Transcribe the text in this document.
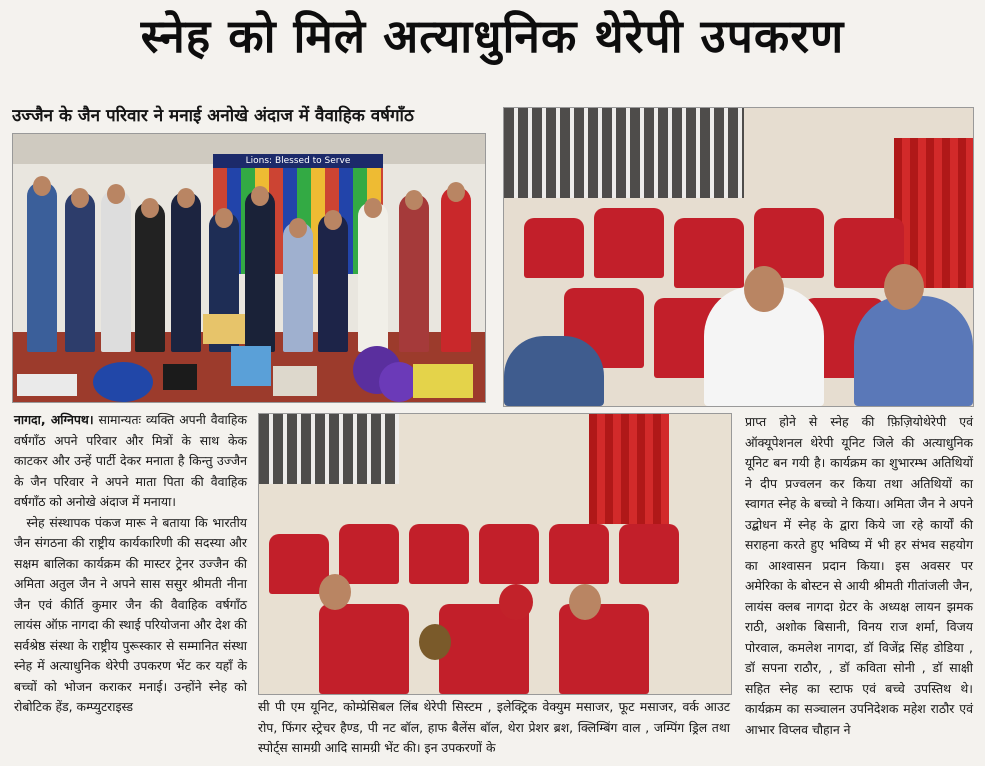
स्नेह को मिले अत्याधुनिक थेरेपी उपकरण
उज्जैन के जैन परिवार ने मनाई अनोखे अंदाज में वैवाहिक वर्षगाँठ
Lions: Blessed to Serve

नागदा, अग्निपथ। सामान्यतः व्यक्ति अपनी वैवाहिक वर्षगाँठ अपने परिवार और मित्रों के साथ केक काटकर और उन्हें पार्टी देकर मनाता है किन्तु उज्जैन के जैन परिवार ने अपने माता पिता की वैवाहिक वर्षगाँठ को अनोखे अंदाज में मनाया।

स्नेह संस्थापक पंकज मारू ने बताया कि भारतीय जैन संगठना की राष्ट्रीय कार्यकारिणी की सदस्या और सक्षम बालिका कार्यक्रम की मास्टर ट्रेनर उज्जैन की अमिता अतुल जैन ने अपने सास ससुर श्रीमती नीना जैन एवं कीर्ति कुमार जैन की वैवाहिक वर्षगाँठ लायंस ऑफ़ नागदा की स्थाई परियोजना और देश की सर्वश्रेष्ठ संस्था के राष्ट्रीय पुरूस्कार से सम्मानित संस्था स्नेह में अत्याधुनिक थेरेपी उपकरण भेंट कर यहाँ के बच्चों को भोजन कराकर मनाई। उन्होंने स्नेह को रोबोटिक हेंड, कम्प्युटराइस्ड	सी पी एम यूनिट, कोम्प्रेसिबल लिंब थेरेपी सिस्टम , इलेक्ट्रिक वेक्युम मसाजर, फूट मसाजर, वर्क आउट रोप, फिंगर स्ट्रेचर हैण्ड, पी नट बॉल, हाफ बैलेंस बॉल, थेरा प्रेशर ब्रश, क्लिम्बिंग वाल , जम्पिंग ड्रिल तथा स्पोर्ट्स सामग्री आदि सामग्री भेंट की। इन उपकरणों के

प्राप्त होने से स्नेह की फ़िज़ियोथेरेपी एवं ऑक्यूपेशनल थेरेपी यूनिट जिले की अत्याधुनिक यूनिट बन गयी है। कार्यक्रम का शुभारम्भ अतिथियों ने दीप प्रज्वलन कर किया तथा अतिथियों का स्वागत स्नेह के बच्चो ने किया। अमिता जैन ने अपने उद्बोधन में स्नेह के द्वारा किये जा रहे कार्यों की सराहना करते हुए भविष्य में भी हर संभव सहयोग का आश्वासन प्रदान किया। इस अवसर पर अमेरिका के बोस्टन से आयी श्रीमती गीतांजली जैन, लायंस क्लब नागदा ग्रेटर के अध्यक्ष लायन झमक राठी, अशोक बिसानी, विनय राज शर्मा, विजय पोरवाल, कमलेश नागदा, डॉ विजेंद्र सिंह डोडिया , डॉ सपना राठौर, , डॉ कविता सोनी , डॉ साक्षी सहित स्नेह का स्टाफ एवं बच्चे उपस्तिथ थे। कार्यक्रम का सञ्चालन उपनिदेशक महेश राठौर एवं आभार विप्लव चौहान ने
